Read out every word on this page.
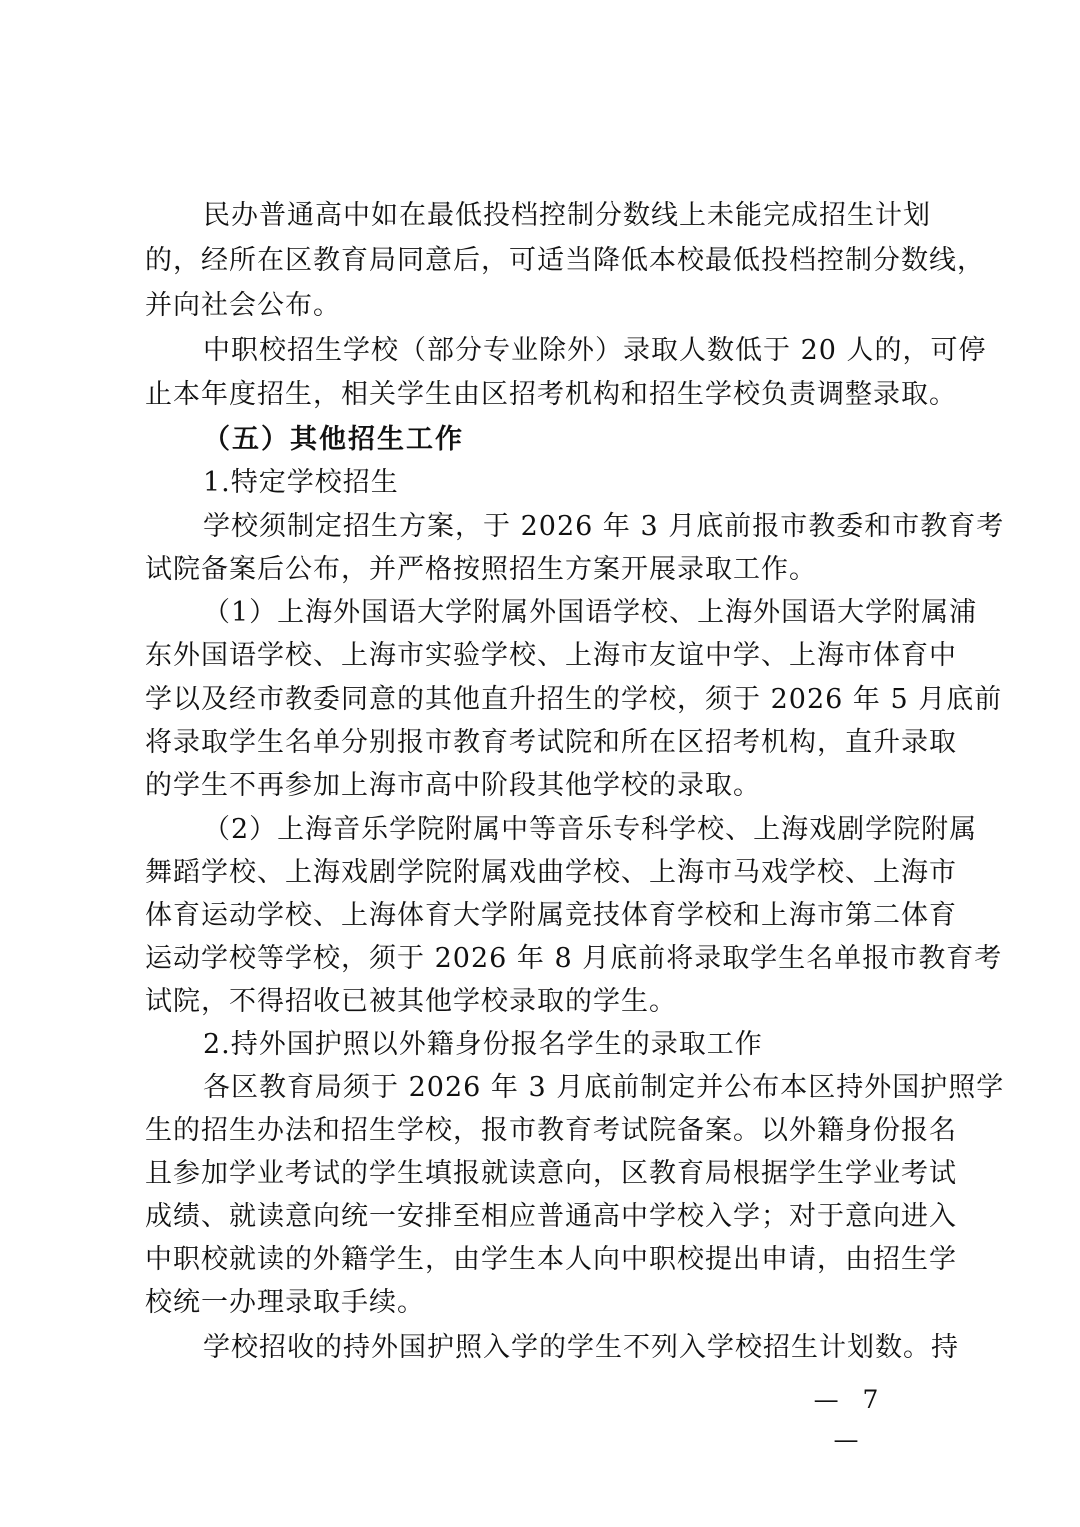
民办普通高中如在最低投档控制分数线上未能完成招生计划
的，经所在区教育局同意后，可适当降低本校最低投档控制分数线，
并向社会公布。
中职校招生学校（部分专业除外）录取人数低于 20 人的，可停
止本年度招生，相关学生由区招考机构和招生学校负责调整录取。
（五）其他招生工作
1.特定学校招生
学校须制定招生方案，于 2026 年 3 月底前报市教委和市教育考
试院备案后公布，并严格按照招生方案开展录取工作。
（1）上海外国语大学附属外国语学校、上海外国语大学附属浦
东外国语学校、上海市实验学校、上海市友谊中学、上海市体育中
学以及经市教委同意的其他直升招生的学校，须于 2026 年 5 月底前
将录取学生名单分别报市教育考试院和所在区招考机构，直升录取
的学生不再参加上海市高中阶段其他学校的录取。
（2）上海音乐学院附属中等音乐专科学校、上海戏剧学院附属
舞蹈学校、上海戏剧学院附属戏曲学校、上海市马戏学校、上海市
体育运动学校、上海体育大学附属竞技体育学校和上海市第二体育
运动学校等学校，须于 2026 年 8 月底前将录取学生名单报市教育考
试院，不得招收已被其他学校录取的学生。
2.持外国护照以外籍身份报名学生的录取工作
各区教育局须于 2026 年 3 月底前制定并公布本区持外国护照学
生的招生办法和招生学校，报市教育考试院备案。以外籍身份报名
且参加学业考试的学生填报就读意向，区教育局根据学生学业考试
成绩、就读意向统一安排至相应普通高中学校入学；对于意向进入
中职校就读的外籍学生，由学生本人向中职校提出申请，由招生学
校统一办理录取手续。
学校招收的持外国护照入学的学生不列入学校招生计划数。持
— 7 —
